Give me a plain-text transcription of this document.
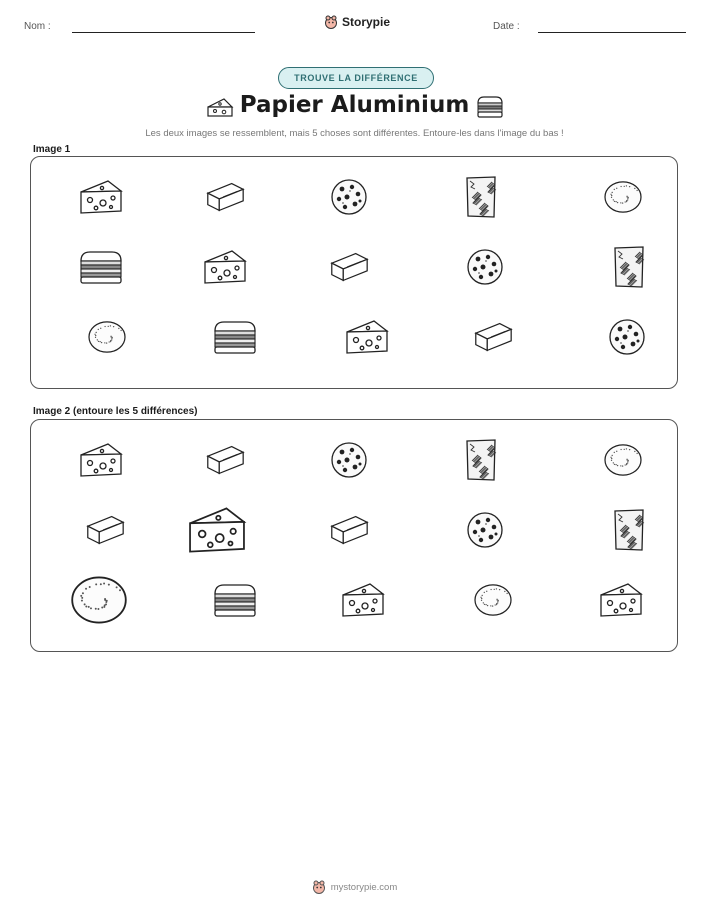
Nom :	Storypie	Date :
TROUVE LA DIFFÉRENCE
Papier Aluminium
Les deux images se ressemblent, mais 5 choses sont différentes. Entoure-les dans l'image du bas !
Image 1
Image 2 (entoure les 5 différences)
mystorypie.com
